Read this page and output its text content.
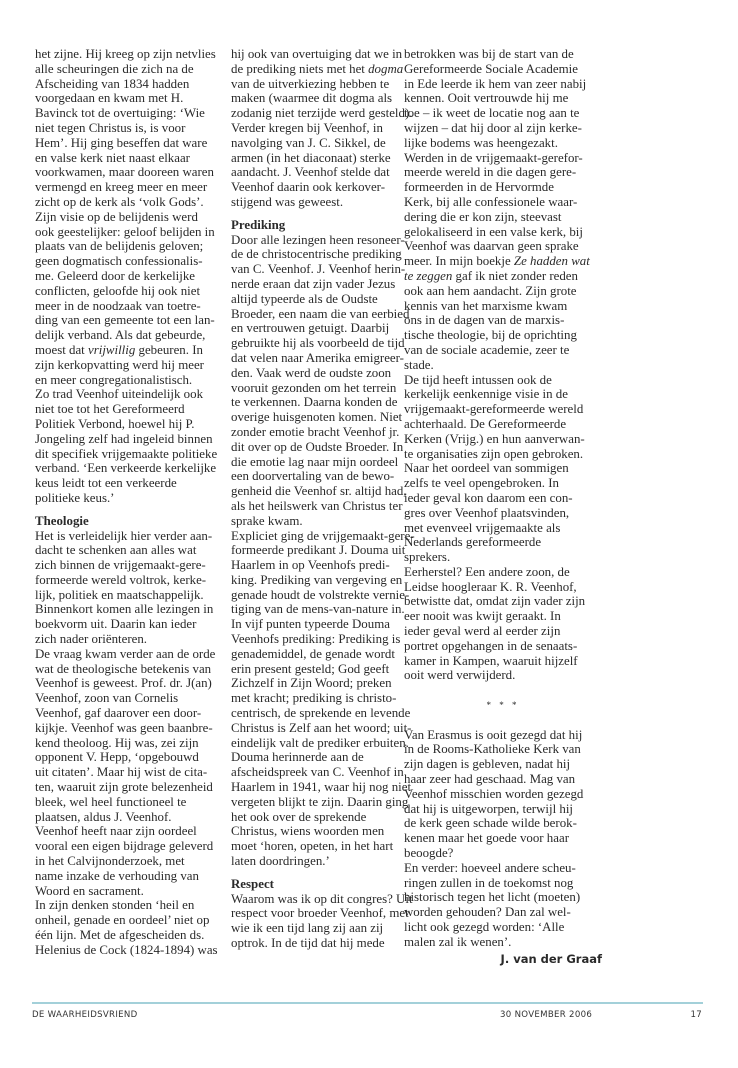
het zijne. Hij kreeg op zijn netvlies
alle scheuringen die zich na de
Afscheiding van 1834 hadden
voorgedaan en kwam met H.
Bavinck tot de overtuiging: ‘Wie
niet tegen Christus is, is voor
Hem’. Hij ging beseffen dat ware
en valse kerk niet naast elkaar
voorkwamen, maar dooreen waren
vermengd en kreeg meer en meer
zicht op de kerk als ‘volk Gods’.
Zijn visie op de belijdenis werd
ook geestelijker: geloof belijden in
plaats van de belijdenis geloven;
geen dogmatisch confessionalis-
me. Geleerd door de kerkelijke
conflicten, geloofde hij ook niet
meer in de noodzaak van toetre-
ding van een gemeente tot een lan-
delijk verband. Als dat gebeurde,
moest dat vrijwillig gebeuren. In
zijn kerkopvatting werd hij meer
en meer congregationalistisch.
Zo trad Veenhof uiteindelijk ook
niet toe tot het Gereformeerd
Politiek Verbond, hoewel hij P.
Jongeling zelf had ingeleid binnen
dit specifiek vrijgemaakte politieke
verband. ‘Een verkeerde kerkelijke
keus leidt tot een verkeerde
politieke keus.’
Theologie
Het is verleidelijk hier verder aan-
dacht te schenken aan alles wat
zich binnen de vrijgemaakt-gere-
formeerde wereld voltrok, kerke-
lijk, politiek en maatschappelijk.
Binnenkort komen alle lezingen in
boekvorm uit. Daarin kan ieder
zich nader oriënteren.
De vraag kwam verder aan de orde
wat de theologische betekenis van
Veenhof is geweest. Prof. dr. J(an)
Veenhof, zoon van Cornelis
Veenhof, gaf daarover een door-
kijkje. Veenhof was geen baanbre-
kend theoloog. Hij was, zei zijn
opponent V. Hepp, ‘opgebouwd
uit citaten’. Maar hij wist de cita-
ten, waaruit zijn grote belezenheid
bleek, wel heel functioneel te
plaatsen, aldus J. Veenhof.
Veenhof heeft naar zijn oordeel
vooral een eigen bijdrage geleverd
in het Calvijnonderzoek, met
name inzake de verhouding van
Woord en sacrament.
In zijn denken stonden ‘heil en
onheil, genade en oordeel’ niet op
één lijn. Met de afgescheiden ds.
Helenius de Cock (1824-1894) was
hij ook van overtuiging dat we in
de prediking niets met het dogma
van de uitverkiezing hebben te
maken (waarmee dit dogma als
zodanig niet terzijde werd gesteld).
Verder kregen bij Veenhof, in
navolging van J. C. Sikkel, de
armen (in het diaconaat) sterke
aandacht. J. Veenhof stelde dat
Veenhof daarin ook kerkover-
stijgend was geweest.
Prediking
Door alle lezingen heen resoneer-
de de christocentrische prediking
van C. Veenhof. J. Veenhof herin-
nerde eraan dat zijn vader Jezus
altijd typeerde als de Oudste
Broeder, een naam die van eerbied
en vertrouwen getuigt. Daarbij
gebruikte hij als voorbeeld de tijd
dat velen naar Amerika emigreer-
den. Vaak werd de oudste zoon
vooruit gezonden om het terrein
te verkennen. Daarna konden de
overige huisgenoten komen. Niet
zonder emotie bracht Veenhof jr.
dit over op de Oudste Broeder. In
die emotie lag naar mijn oordeel
een doorvertaling van de bewo-
genheid die Veenhof sr. altijd had,
als het heilswerk van Christus ter
sprake kwam.
Expliciet ging de vrijgemaakt-gere-
formeerde predikant J. Douma uit
Haarlem in op Veenhofs predi-
king. Prediking van vergeving en
genade houdt de volstrekte vernie-
tiging van de mens-van-nature in.
In vijf punten typeerde Douma
Veenhofs prediking: Prediking is
genademiddel, de genade wordt
erin present gesteld; God geeft
Zichzelf in Zijn Woord; preken
met kracht; prediking is christo-
centrisch, de sprekende en levende
Christus is Zelf aan het woord; uit-
eindelijk valt de prediker erbuiten.
Douma herinnerde aan de
afscheidspreek van C. Veenhof in
Haarlem in 1941, waar hij nog niet
vergeten blijkt te zijn. Daarin ging
het ook over de sprekende
Christus, wiens woorden men
moet ‘horen, opeten, in het hart
laten doordringen.’
Respect
Waarom was ik op dit congres? Uit
respect voor broeder Veenhof, met
wie ik een tijd lang zij aan zij
optrok. In de tijd dat hij mede
betrokken was bij de start van de
Gereformeerde Sociale Academie
in Ede leerde ik hem van zeer nabij
kennen. Ooit vertrouwde hij me
toe – ik weet de locatie nog aan te
wijzen – dat hij door al zijn kerke-
lijke bodems was heengezakt.
Werden in de vrijgemaakt-gerefor-
meerde wereld in die dagen gere-
formeerden in de Hervormde
Kerk, bij alle confessionele waar-
dering die er kon zijn, steevast
gelokaliseerd in een valse kerk, bij
Veenhof was daarvan geen sprake
meer. In mijn boekje Ze hadden wat
te zeggen gaf ik niet zonder reden
ook aan hem aandacht. Zijn grote
kennis van het marxisme kwam
ons in de dagen van de marxis-
tische theologie, bij de oprichting
van de sociale academie, zeer te
stade.
De tijd heeft intussen ook de
kerkelijk eenkennige visie in de
vrijgemaakt-gereformeerde wereld
achterhaald. De Gereformeerde
Kerken (Vrijg.) en hun aanverwan-
te organisaties zijn open gebroken.
Naar het oordeel van sommigen
zelfs te veel opengebroken. In
ieder geval kon daarom een con-
gres over Veenhof plaatsvinden,
met evenveel vrijgemaakte als
Nederlands gereformeerde
sprekers.
Eerherstel? Een andere zoon, de
Leidse hoogleraar K. R. Veenhof,
betwistte dat, omdat zijn vader zijn
eer nooit was kwijt geraakt. In
ieder geval werd al eerder zijn
portret opgehangen in de senaats-
kamer in Kampen, waaruit hijzelf
ooit werd verwijderd.
* * *
Van Erasmus is ooit gezegd dat hij
in de Rooms-Katholieke Kerk van
zijn dagen is gebleven, nadat hij
haar zeer had geschaad. Mag van
Veenhof misschien worden gezegd
dat hij is uitgeworpen, terwijl hij
de kerk geen schade wilde berok-
kenen maar het goede voor haar
beoogde?
En verder: hoeveel andere scheu-
ringen zullen in de toekomst nog
historisch tegen het licht (moeten)
worden gehouden? Dan zal wel-
licht ook gezegd worden: ‘Alle
malen zal ik wenen’.
J. van der Graaf
DE WAARHEIDSVRIEND	30 NOVEMBER 2006	17
